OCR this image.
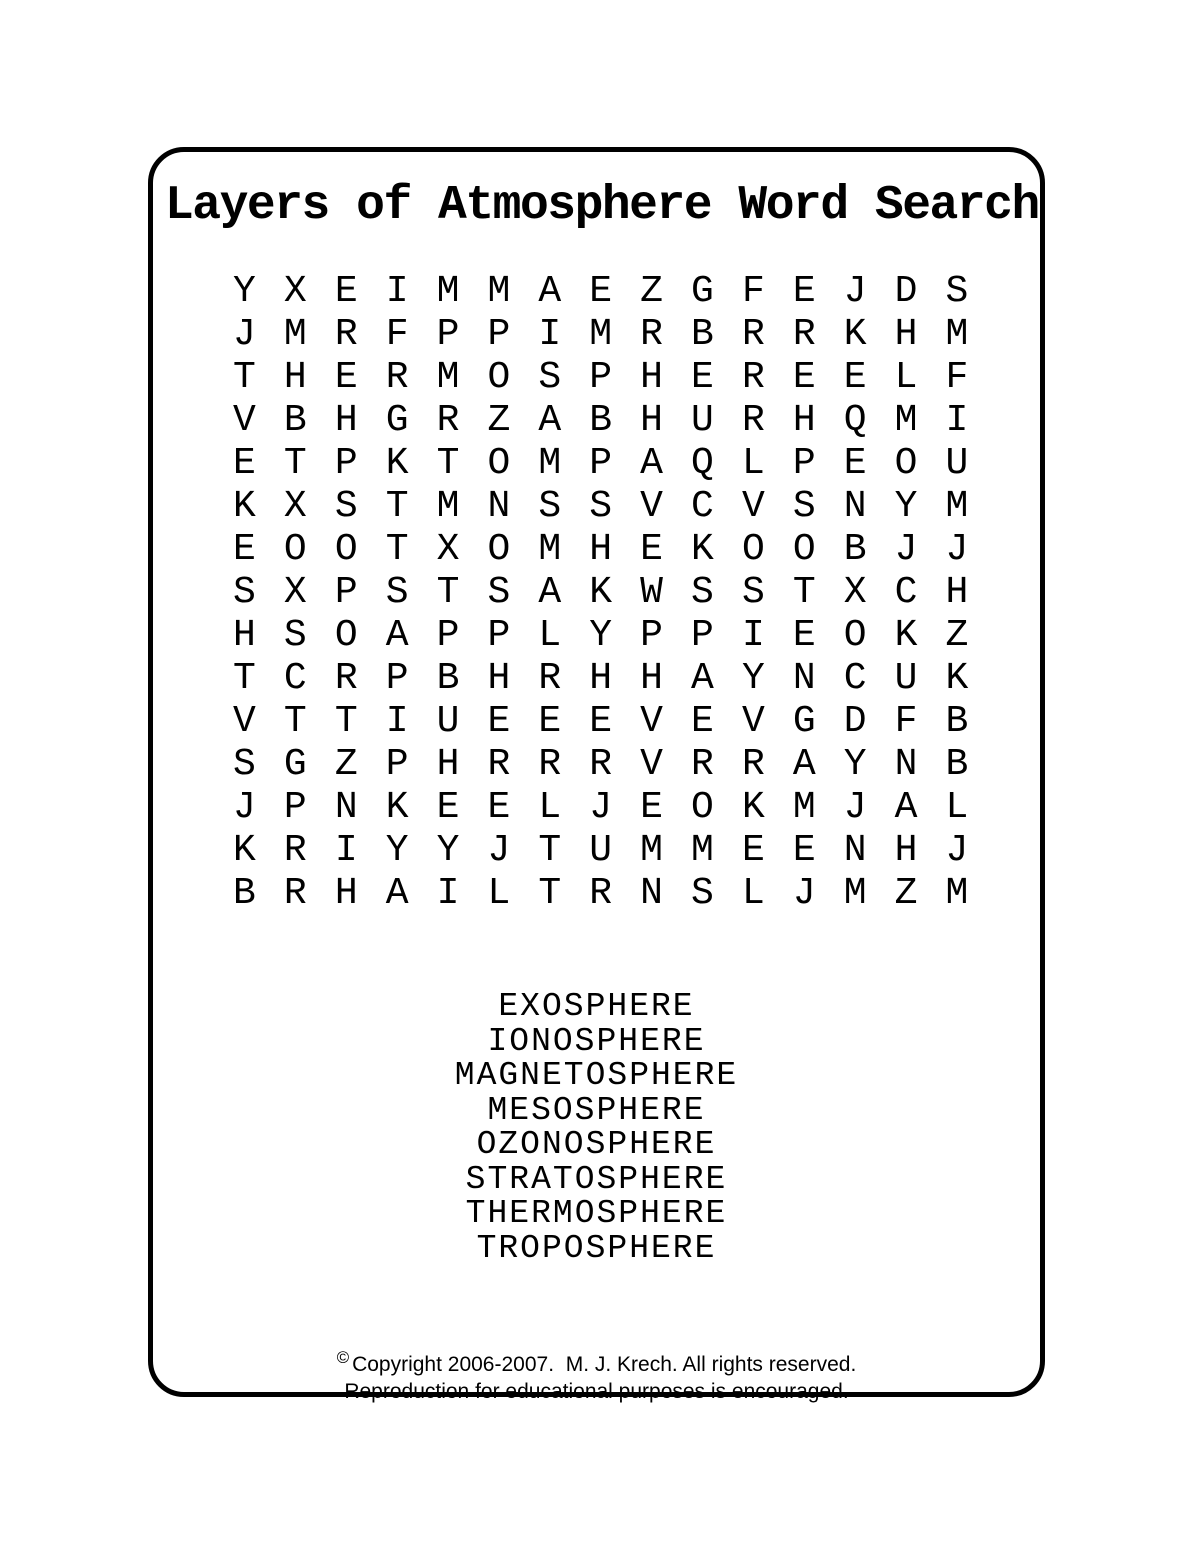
Layers of Atmosphere Word Search
Y X E I M M A E Z G F E J D S
J M R F P P I M R B R R K H M
T H E R M O S P H E R E E L F
V B H G R Z A B H U R H Q M I
E T P K T O M P A Q L P E O U
K X S T M N S S V C V S N Y M
E O O T X O M H E K O O B J J
S X P S T S A K W S S T X C H
H S O A P P L Y P P I E O K Z
T C R P B H R H H A Y N C U K
V T T I U E E E V E V G D F B
S G Z P H R R R V R R A Y N B
J P N K E E L J E O K M J A L
K R I Y Y J T U M M E E N H J
B R H A I L T R N S L J M Z M
EXOSPHERE
IONOSPHERE
MAGNETOSPHERE
MESOSPHERE
OZONOSPHERE
STRATOSPHERE
THERMOSPHERE
TROPOSPHERE
© Copyright 2006-2007.  M. J. Krech. All rights reserved.
Reproduction for educational purposes is encouraged.
